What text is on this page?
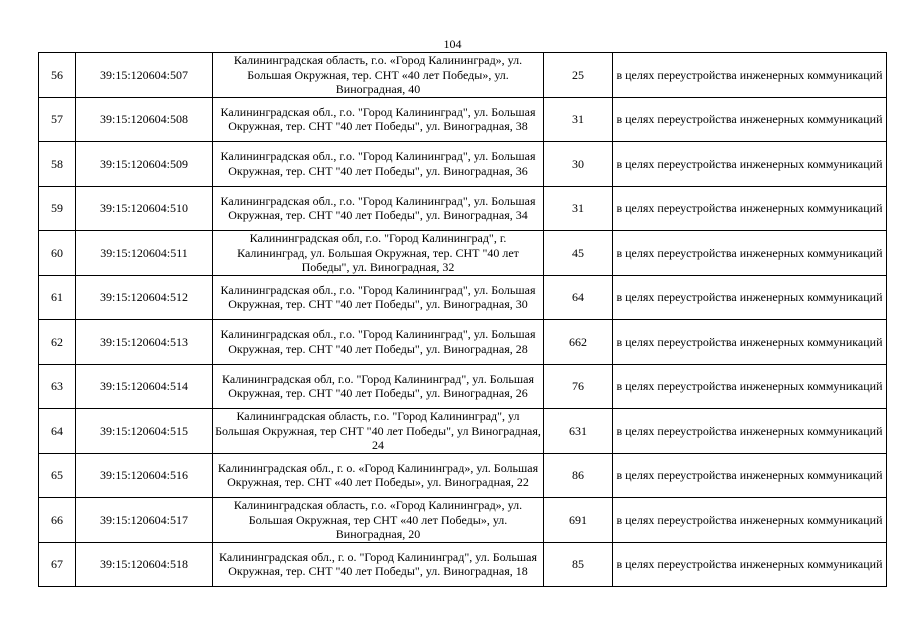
104
56	39:15:120604:507	Калининградская область, г.о. «Город Калининград», ул. Большая Окружная, тер. СНТ «40 лет Победы», ул. Виноградная, 40	25	в целях переустройства инженерных коммуникаций
57	39:15:120604:508	Калининградская обл., г.о. "Город Калининград", ул. Большая Окружная, тер. СНТ "40 лет Победы", ул. Виноградная, 38	31	в целях переустройства инженерных коммуникаций
58	39:15:120604:509	Калининградская обл., г.о. "Город Калининград", ул. Большая Окружная, тер. СНТ "40 лет Победы", ул. Виноградная, 36	30	в целях переустройства инженерных коммуникаций
59	39:15:120604:510	Калининградская обл., г.о. "Город Калининград", ул. Большая Окружная, тер. СНТ "40 лет Победы", ул. Виноградная, 34	31	в целях переустройства инженерных коммуникаций
60	39:15:120604:511	Калининградская обл, г.о. "Город Калининград", г. Калининград, ул. Большая Окружная, тер. СНТ "40 лет Победы", ул. Виноградная, 32	45	в целях переустройства инженерных коммуникаций
61	39:15:120604:512	Калининградская обл., г.о. "Город Калининград", ул. Большая Окружная, тер. СНТ "40 лет Победы", ул. Виноградная, 30	64	в целях переустройства инженерных коммуникаций
62	39:15:120604:513	Калининградская обл., г.о. "Город Калининград", ул. Большая Окружная, тер. СНТ "40 лет Победы", ул. Виноградная, 28	662	в целях переустройства инженерных коммуникаций
63	39:15:120604:514	Калининградская обл, г.о. "Город Калининград", ул. Большая Окружная, тер. СНТ "40 лет Победы", ул. Виноградная, 26	76	в целях переустройства инженерных коммуникаций
64	39:15:120604:515	Калининградская область, г.о. "Город Калининград", ул Большая Окружная, тер СНТ "40 лет Победы", ул Виноградная, 24	631	в целях переустройства инженерных коммуникаций
65	39:15:120604:516	Калининградская обл., г. о. «Город Калининград», ул. Большая Окружная, тер. СНТ «40 лет Победы», ул. Виноградная, 22	86	в целях переустройства инженерных коммуникаций
66	39:15:120604:517	Калининградская область, г.о. «Город Калининград», ул. Большая Окружная, тер СНТ «40 лет Победы», ул. Виноградная, 20	691	в целях переустройства инженерных коммуникаций
67	39:15:120604:518	Калининградская обл., г. о. "Город Калининград", ул. Большая Окружная, тер. СНТ "40 лет Победы", ул. Виноградная, 18	85	в целях переустройства инженерных коммуникаций
